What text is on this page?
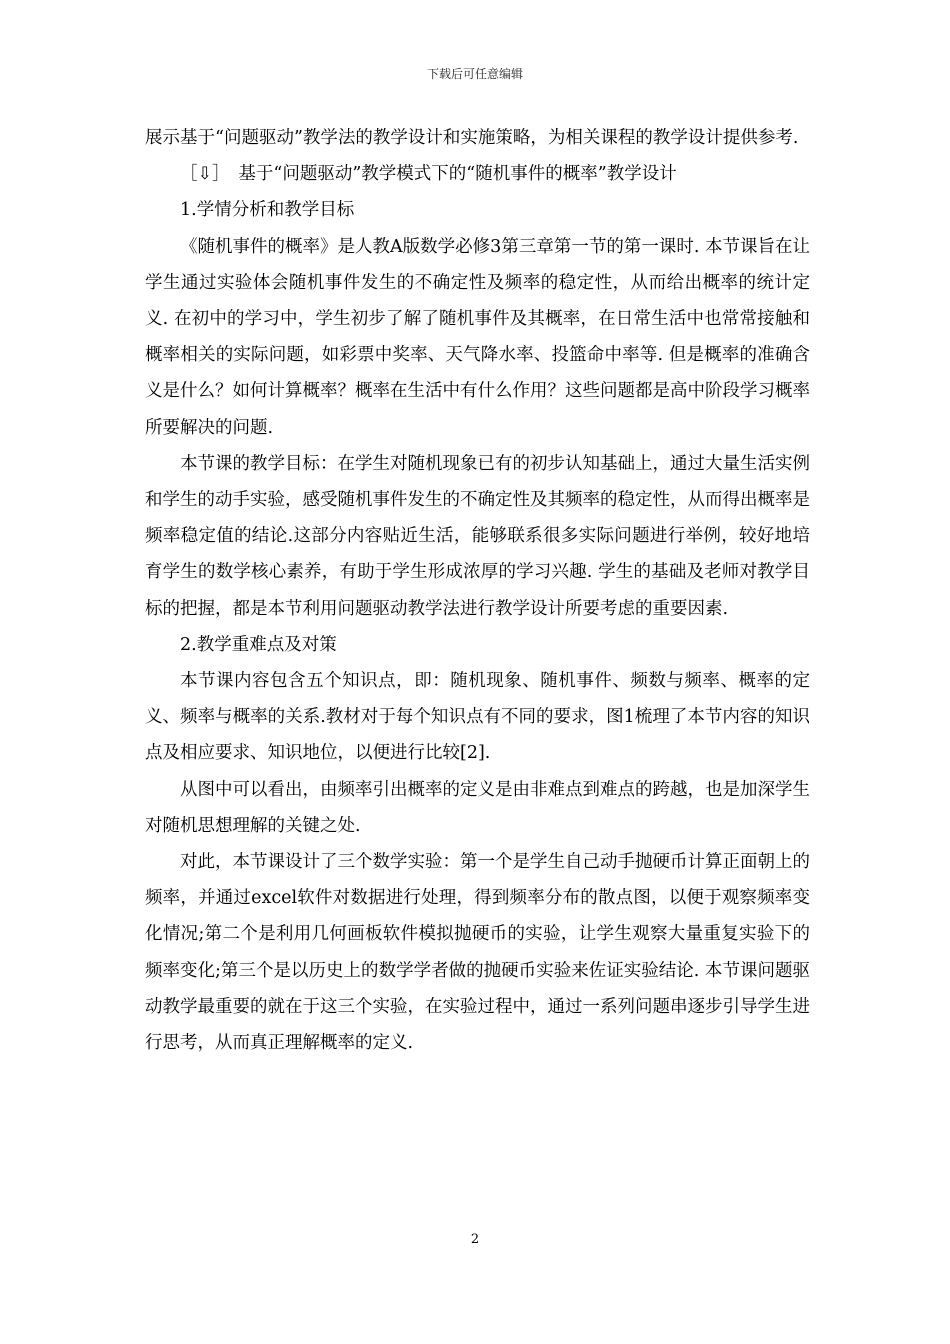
下载后可任意编辑

展示基于“问题驱动”教学法的教学设计和实施策略，为相关课程的教学设计提供参考.

［⇩］　基于“问题驱动”教学模式下的“随机事件的概率”教学设计

1.学情分析和教学目标

《随机事件的概率》是人教A版数学必修3第三章第一节的第一课时. 本节课旨在让学生通过实验体会随机事件发生的不确定性及频率的稳定性，从而给出概率的统计定义. 在初中的学习中，学生初步了解了随机事件及其概率，在日常生活中也常常接触和概率相关的实际问题，如彩票中奖率、天气降水率、投篮命中率等. 但是概率的准确含义是什么？如何计算概率？概率在生活中有什么作用？这些问题都是高中阶段学习概率所要解决的问题.

本节课的教学目标：在学生对随机现象已有的初步认知基础上，通过大量生活实例和学生的动手实验，感受随机事件发生的不确定性及其频率的稳定性，从而得出概率是频率稳定值的结论.这部分内容贴近生活，能够联系很多实际问题进行举例，较好地培育学生的数学核心素养，有助于学生形成浓厚的学习兴趣. 学生的基础及老师对教学目标的把握，都是本节利用问题驱动教学法进行教学设计所要考虑的重要因素.

2.教学重难点及对策

本节课内容包含五个知识点，即：随机现象、随机事件、频数与频率、概率的定义、频率与概率的关系.教材对于每个知识点有不同的要求，图1梳理了本节内容的知识点及相应要求、知识地位，以便进行比较[2].

从图中可以看出，由频率引出概率的定义是由非难点到难点的跨越，也是加深学生对随机思想理解的关键之处.

对此，本节课设计了三个数学实验：第一个是学生自己动手抛硬币计算正面朝上的频率，并通过excel软件对数据进行处理，得到频率分布的散点图，以便于观察频率变化情况;第二个是利用几何画板软件模拟抛硬币的实验，让学生观察大量重复实验下的频率变化;第三个是以历史上的数学学者做的抛硬币实验来佐证实验结论. 本节课问题驱动教学最重要的就在于这三个实验，在实验过程中，通过一系列问题串逐步引导学生进行思考，从而真正理解概率的定义.

2
